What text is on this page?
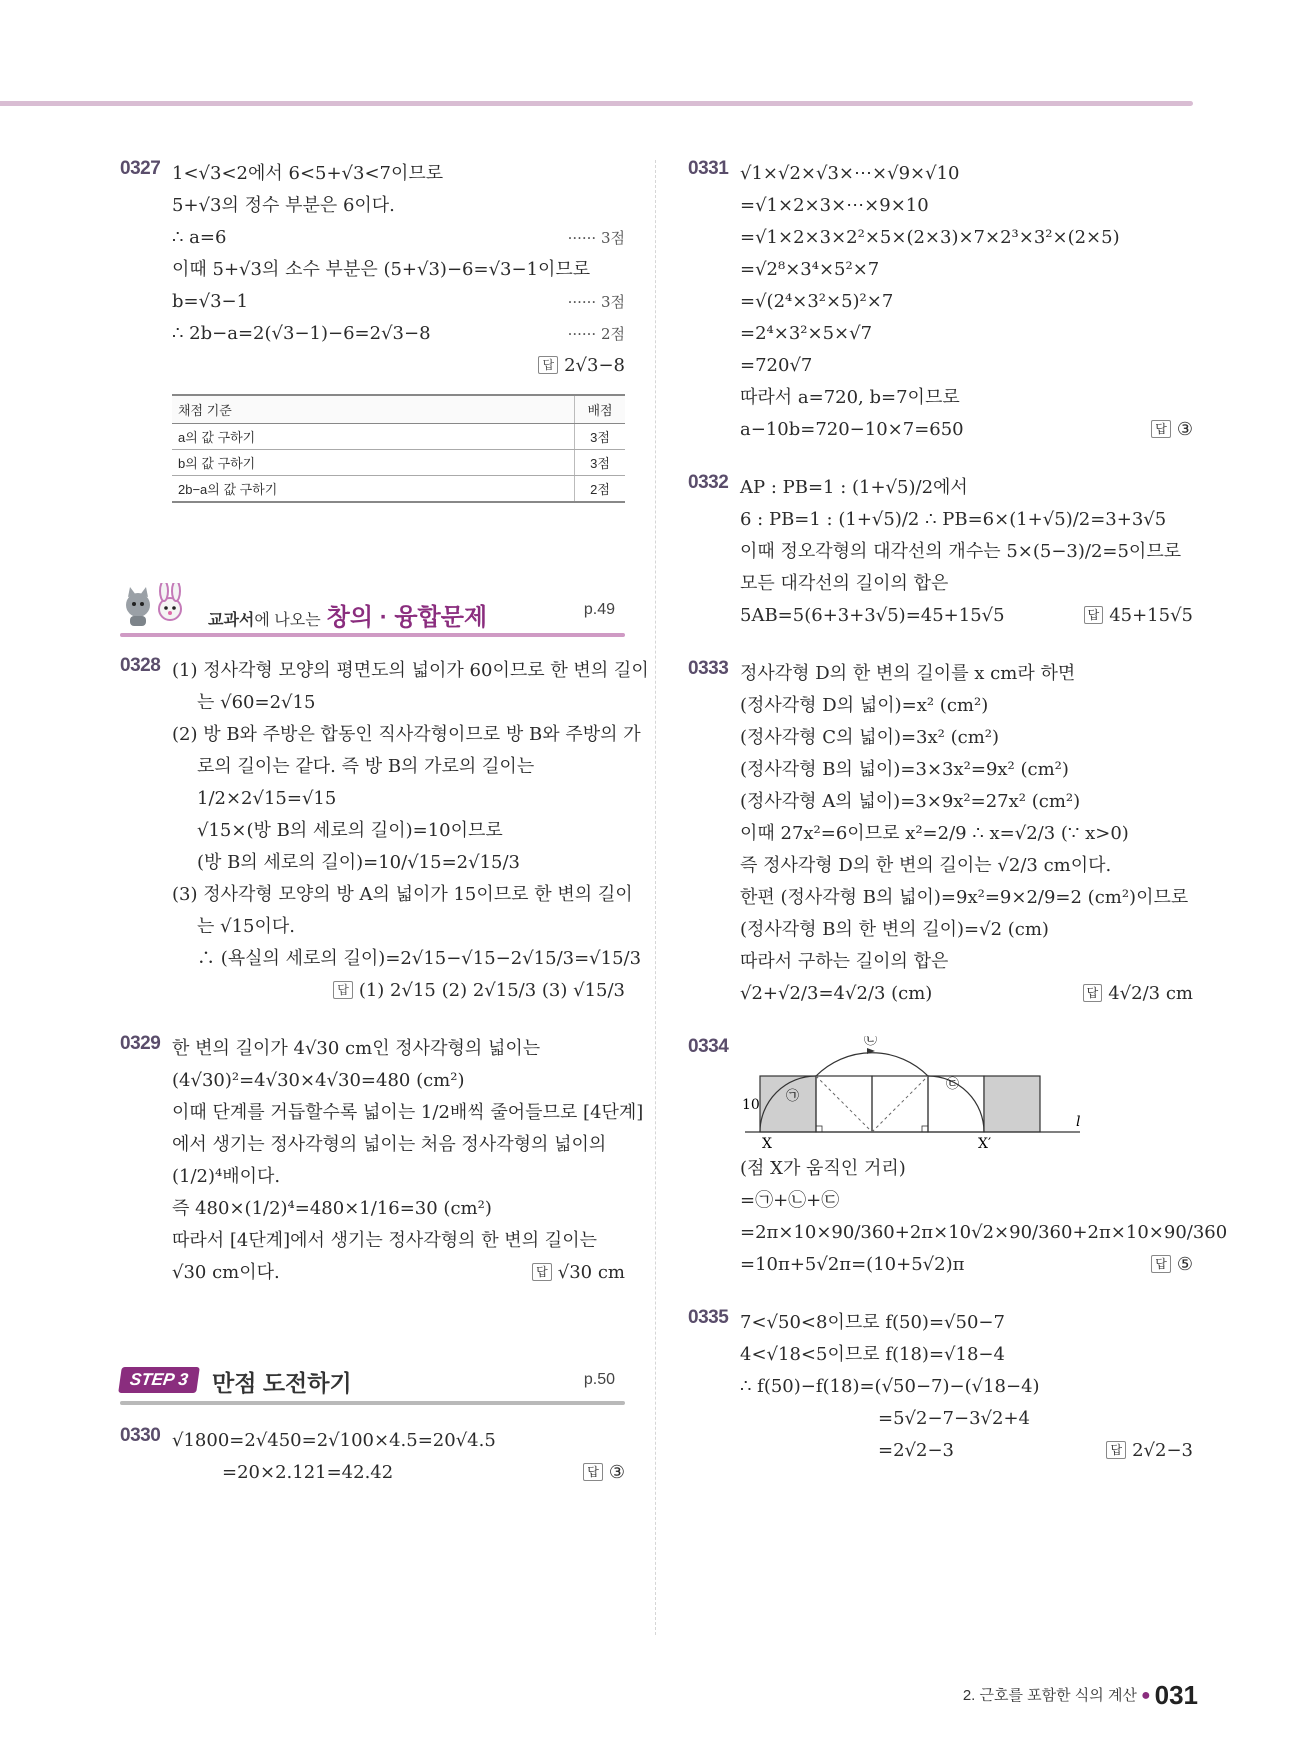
0327 1<√3<2에서 6<5+√3<7이므로
5+√3의 정수 부분은 6이다.
∴ a=6	······ 3점
이때 5+√3의 소수 부분은 (5+√3)−6=√3−1이므로
b=√3−1	······ 3점
∴ 2b−a=2(√3−1)−6=2√3−8	······ 2점
답 2√3−8
채점 기준	배점
a의 값 구하기	3점
b의 값 구하기	3점
2b−a의 값 구하기	2점
교과서에 나오는 창의 · 융합문제	p.49
0328 (1) 정사각형 모양의 평면도의 넓이가 60이므로 한 변의 길이
는 √60=2√15
(2) 방 B와 주방은 합동인 직사각형이므로 방 B와 주방의 가
로의 길이는 같다. 즉 방 B의 가로의 길이는
1/2×2√15=√15
√15×(방 B의 세로의 길이)=10이므로
(방 B의 세로의 길이)=10/√15=2√15/3
(3) 정사각형 모양의 방 A의 넓이가 15이므로 한 변의 길이
는 √15이다.
∴ (욕실의 세로의 길이)=2√15−√15−2√15/3=√15/3
답 (1) 2√15 (2) 2√15/3 (3) √15/3
0329 한 변의 길이가 4√30 cm인 정사각형의 넓이는
(4√30)²=4√30×4√30=480 (cm²)
이때 단계를 거듭할수록 넓이는 1/2배씩 줄어들므로 [4단계]
에서 생기는 정사각형의 넓이는 처음 정사각형의 넓이의
(1/2)⁴배이다.
즉 480×(1/2)⁴=480×1/16=30 (cm²)
따라서 [4단계]에서 생기는 정사각형의 한 변의 길이는
√30 cm이다.	답 √30 cm
STEP 3 만점 도전하기	p.50
0330 √1800=2√450=2√100×4.5=20√4.5
=20×2.121=42.42	답 ③
0331 √1×√2×√3×⋯×√9×√10
=√1×2×3×⋯×9×10
=√1×2×3×2²×5×(2×3)×7×2³×3²×(2×5)
=√2⁸×3⁴×5²×7
=√(2⁴×3²×5)²×7
=2⁴×3²×5×√7
=720√7
따라서 a=720, b=7이므로
a−10b=720−10×7=650	답 ③
0332 AP : PB=1 : (1+√5)/2에서
6 : PB=1 : (1+√5)/2 ∴ PB=6×(1+√5)/2=3+3√5
이때 정오각형의 대각선의 개수는 5×(5−3)/2=5이므로
모든 대각선의 길이의 합은
5AB=5(6+3+3√5)=45+15√5	답 45+15√5
0333 정사각형 D의 한 변의 길이를 x cm라 하면
(정사각형 D의 넓이)=x² (cm²)
(정사각형 C의 넓이)=3x² (cm²)
(정사각형 B의 넓이)=3×3x²=9x² (cm²)
(정사각형 A의 넓이)=3×9x²=27x² (cm²)
이때 27x²=6이므로 x²=2/9 ∴ x=√2/3 (∵ x>0)
즉 정사각형 D의 한 변의 길이는 √2/3 cm이다.
한편 (정사각형 B의 넓이)=9x²=9×2/9=2 (cm²)이므로
(정사각형 B의 한 변의 길이)=√2 (cm)
따라서 구하는 길이의 합은
√2+√2/3=4√2/3 (cm)	답 4√2/3 cm
0334
10
X	X′
l
㉠
㉡
㉢
(점 X가 움직인 거리)
=㉠+㉡+㉢
=2π×10×90/360+2π×10√2×90/360+2π×10×90/360
=10π+5√2π=(10+5√2)π	답 ⑤
0335 7<√50<8이므로 f(50)=√50−7
4<√18<5이므로 f(18)=√18−4
∴ f(50)−f(18)=(√50−7)−(√18−4)
=5√2−7−3√2+4
=2√2−3	답 2√2−3
2. 근호를 포함한 식의 계산 ● 031
